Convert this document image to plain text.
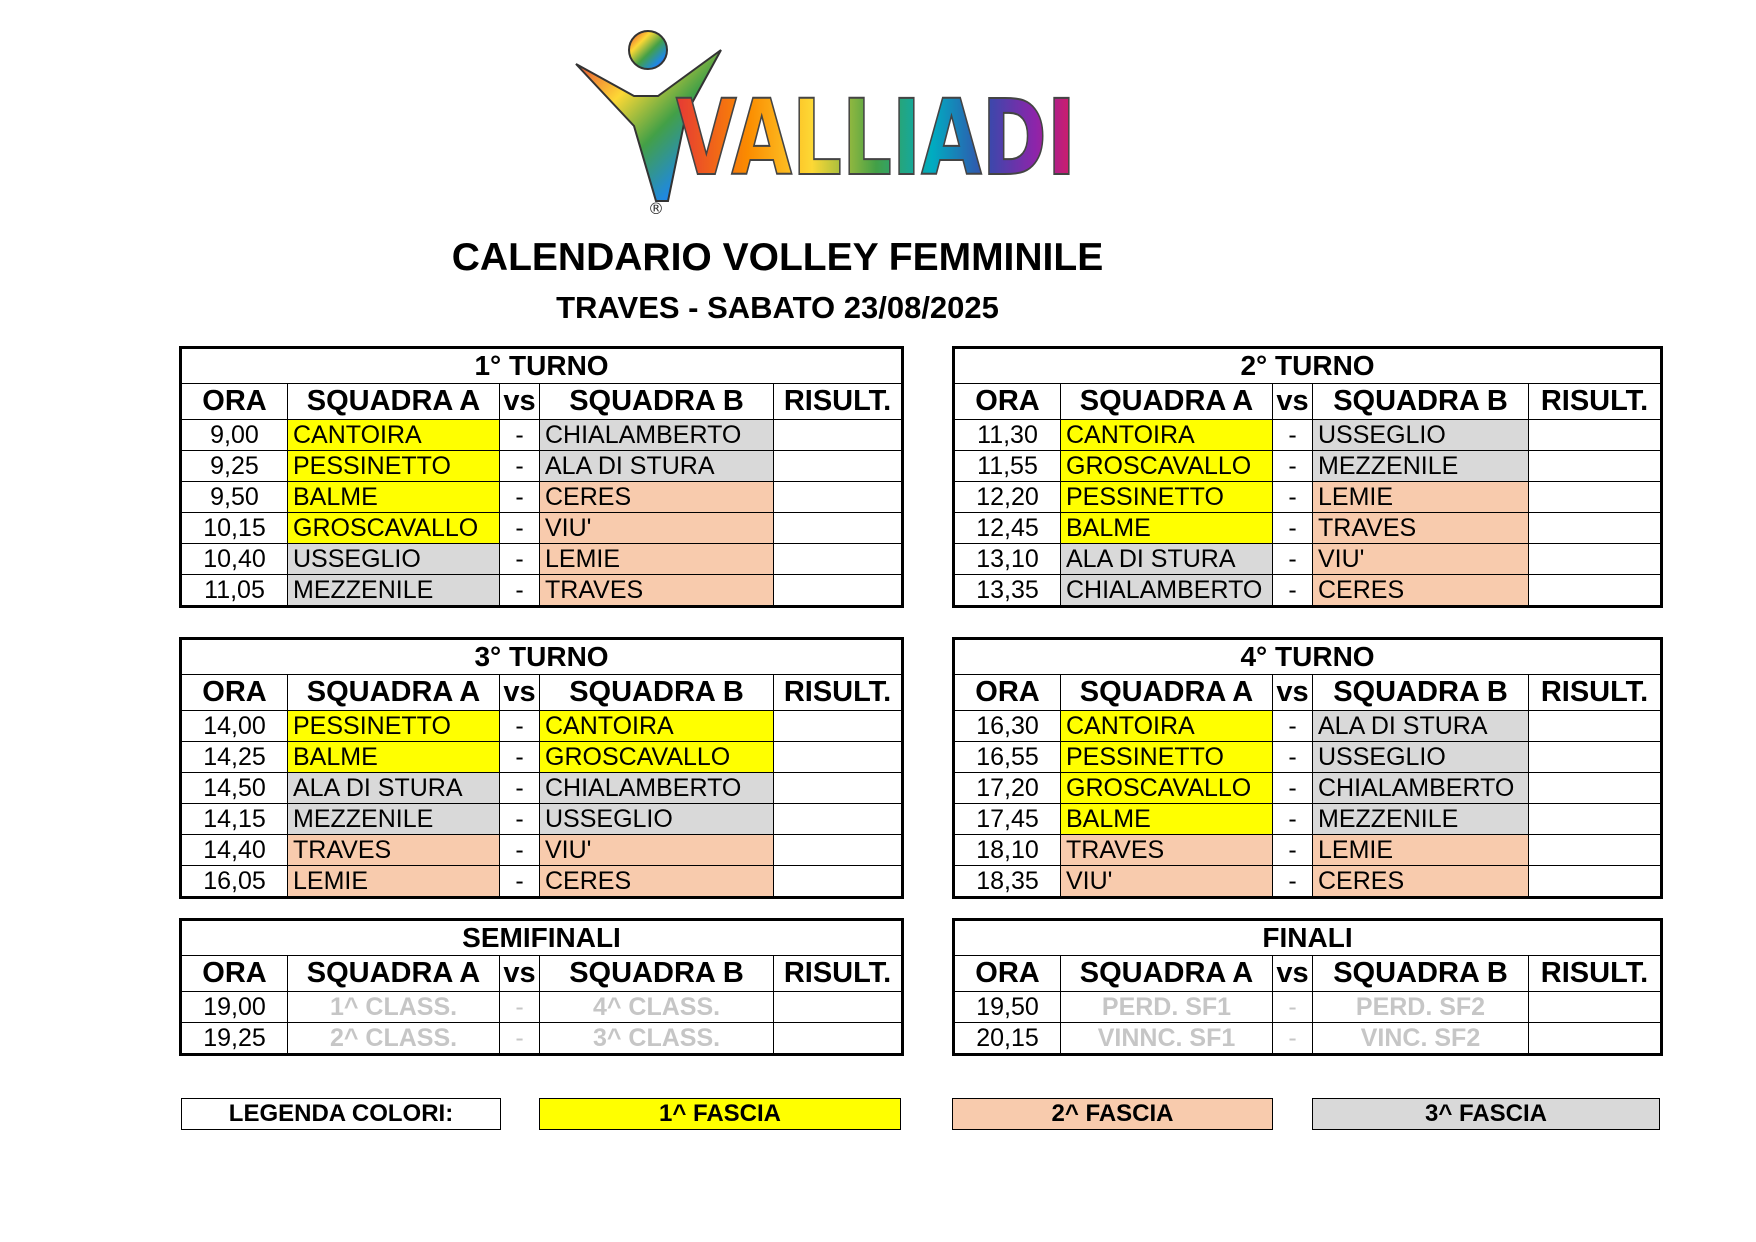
VALLIADI
®
CALENDARIO VOLLEY FEMMINILE
TRAVES - SABATO 23/08/2025
1° TURNO				
ORA	SQUADRA A	vs	SQUADRA B	RISULT.
9,00	CANTOIRA	-	CHIALAMBERTO	
9,25	PESSINETTO	-	ALA DI STURA	
9,50	BALME	-	CERES	
10,15	GROSCAVALLO	-	VIU'	
10,40	USSEGLIO	-	LEMIE	
11,05	MEZZENILE	-	TRAVES	
2° TURNO				
ORA	SQUADRA A	vs	SQUADRA B	RISULT.
11,30	CANTOIRA	-	USSEGLIO	
11,55	GROSCAVALLO	-	MEZZENILE	
12,20	PESSINETTO	-	LEMIE	
12,45	BALME	-	TRAVES	
13,10	ALA DI STURA	-	VIU'	
13,35	CHIALAMBERTO	-	CERES	
3° TURNO				
ORA	SQUADRA A	vs	SQUADRA B	RISULT.
14,00	PESSINETTO	-	CANTOIRA	
14,25	BALME	-	GROSCAVALLO	
14,50	ALA DI STURA	-	CHIALAMBERTO	
14,15	MEZZENILE	-	USSEGLIO	
14,40	TRAVES	-	VIU'	
16,05	LEMIE	-	CERES	
4° TURNO				
ORA	SQUADRA A	vs	SQUADRA B	RISULT.
16,30	CANTOIRA	-	ALA DI STURA	
16,55	PESSINETTO	-	USSEGLIO	
17,20	GROSCAVALLO	-	CHIALAMBERTO	
17,45	BALME	-	MEZZENILE	
18,10	TRAVES	-	LEMIE	
18,35	VIU'	-	CERES	
SEMIFINALI				
ORA	SQUADRA A	vs	SQUADRA B	RISULT.
19,00	1^ CLASS.	-	4^ CLASS.	
19,25	2^ CLASS.	-	3^ CLASS.	
FINALI				
ORA	SQUADRA A	vs	SQUADRA B	RISULT.
19,50	PERD. SF1	-	PERD. SF2	
20,15	VINNC. SF1	-	VINC. SF2	
LEGENDA COLORI:	1^ FASCIA	2^ FASCIA	3^ FASCIA
